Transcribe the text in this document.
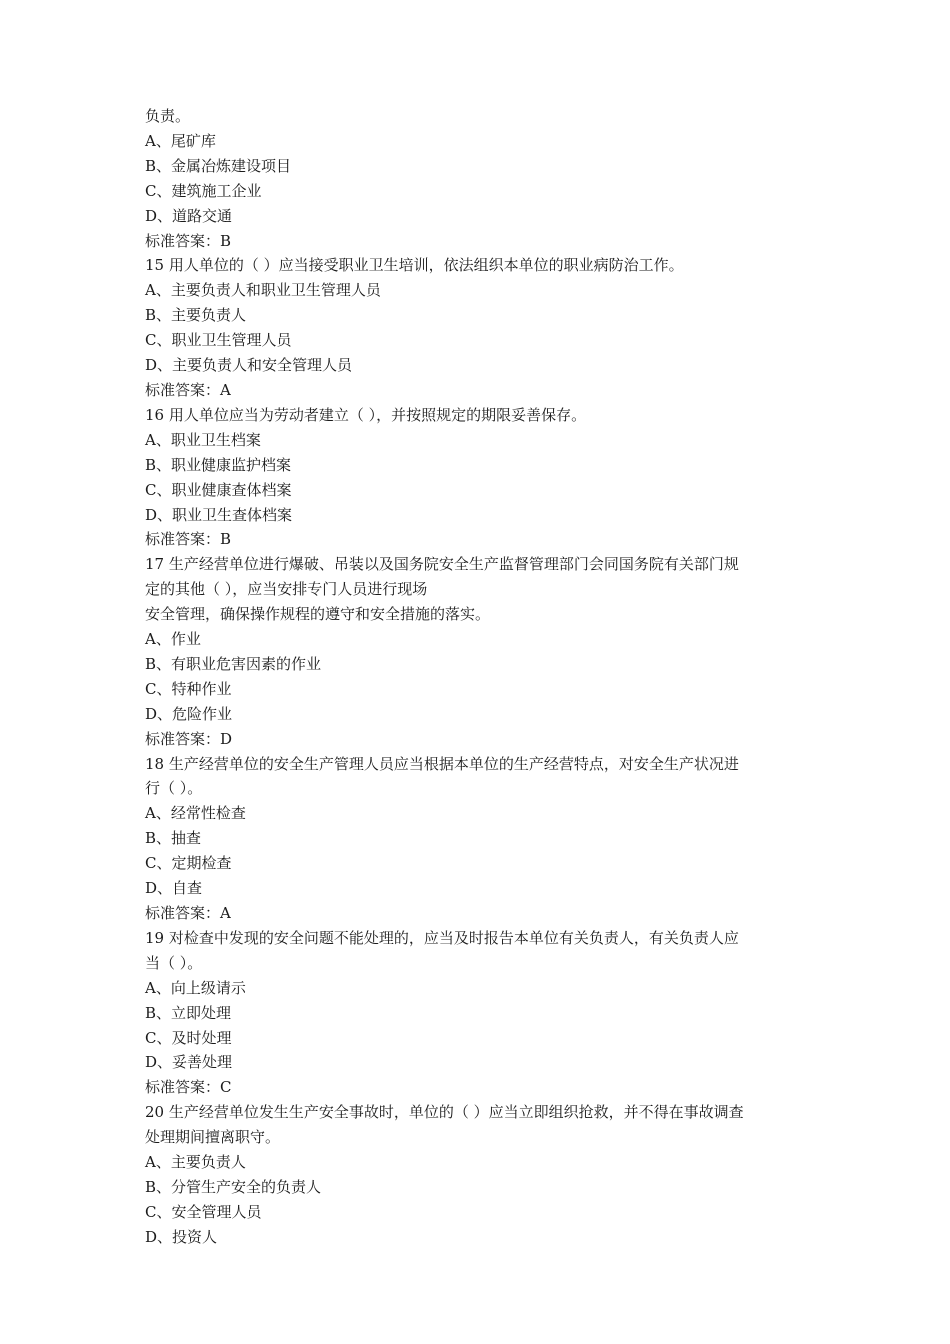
负责。
A、尾矿库
B、金属冶炼建设项目
C、建筑施工企业
D、道路交通
标准答案：B
15 用人单位的（ ）应当接受职业卫生培训，依法组织本单位的职业病防治工作。
A、主要负责人和职业卫生管理人员
B、主要负责人
C、职业卫生管理人员
D、主要负责人和安全管理人员
标准答案：A
16 用人单位应当为劳动者建立（ ），并按照规定的期限妥善保存。
A、职业卫生档案
B、职业健康监护档案
C、职业健康查体档案
D、职业卫生查体档案
标准答案：B
17 生产经营单位进行爆破、吊装以及国务院安全生产监督管理部门会同国务院有关部门规
定的其他（ ），应当安排专门人员进行现场
安全管理，确保操作规程的遵守和安全措施的落实。
A、作业
B、有职业危害因素的作业
C、特种作业
D、危险作业
标准答案：D
18 生产经营单位的安全生产管理人员应当根据本单位的生产经营特点，对安全生产状况进
行（ ）。
A、经常性检查
B、抽查
C、定期检查
D、自查
标准答案：A
19 对检查中发现的安全问题不能处理的，应当及时报告本单位有关负责人，有关负责人应
当（ ）。
A、向上级请示
B、立即处理
C、及时处理
D、妥善处理
标准答案：C
20 生产经营单位发生生产安全事故时，单位的（ ）应当立即组织抢救，并不得在事故调查
处理期间擅离职守。
A、主要负责人
B、分管生产安全的负责人
C、安全管理人员
D、投资人
